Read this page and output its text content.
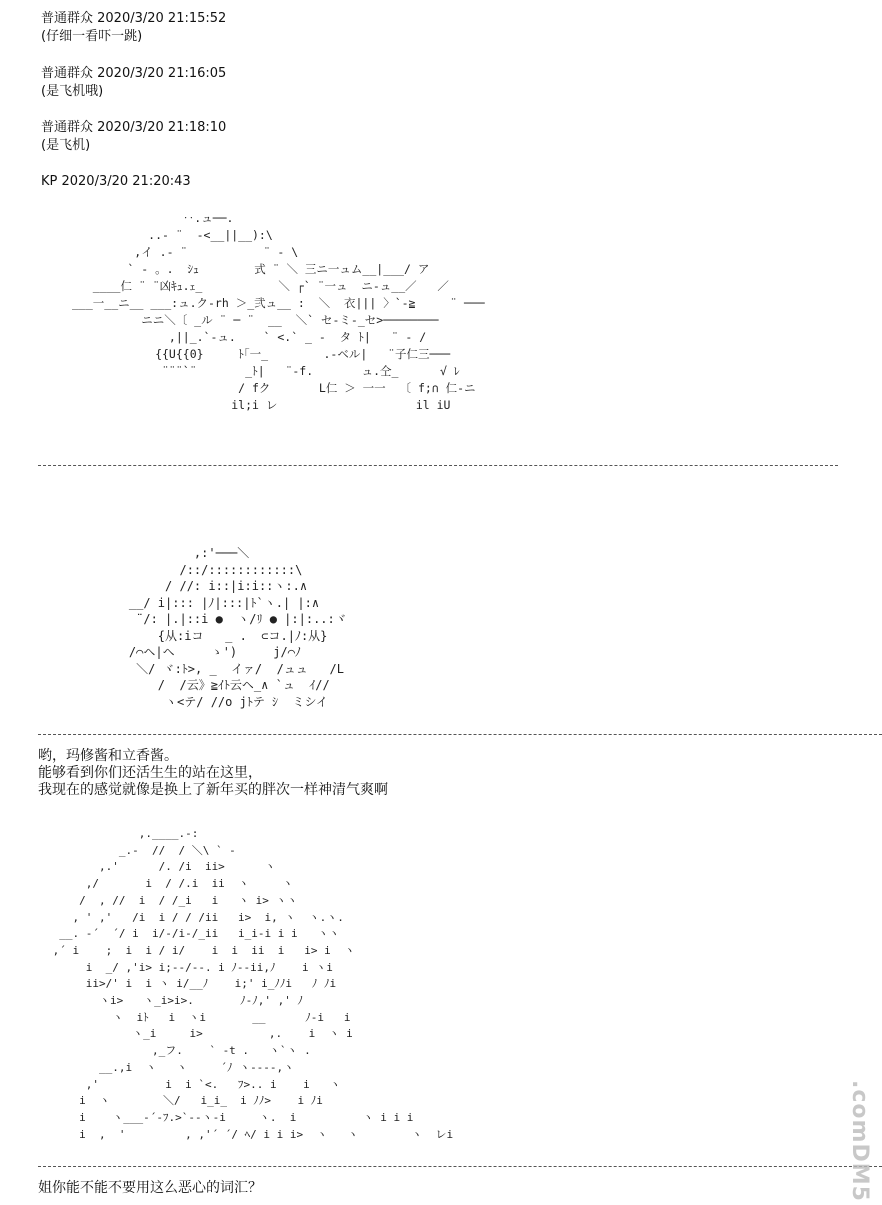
普通群众 2020/3/20 21:15:52
(仔细一看吓一跳)
普通群众 2020/3/20 21:16:05
(是飞机哦)
普通群众 2020/3/20 21:18:10
(是飞机)
KP 2020/3/20 21:20:43
‥.ュ──.
..- ¨  -<__||__):\
,イ .- ¨           ¨ - \
` - 。.  ｼｭ        式 ¨ ＼ 三ニ一ュム__|___/ ア
____仁 ¨ ¨凶ｷｭ.ｪ_           ＼ ┌` ¨一ュ  ニ-ュ__／   ／
___一__ニ__ ___:ュ.ク-rh ＞_弐ュ__ :  ＼  衣||| 〉`-≧     ¨ ───
ニニ＼〔 _ル ¨ ─ ¨  __  ＼` セ-ミ-_セ>────────
,||_.`-ュ.    ` <.` _ -  タ ﾄ|   ¨ - /
{{U{{0}     ﾄ｢一_        .-ベル|   ¨子仁三───
¨¨¨`¨       _ﾄ|   ¨-f.       ュ.仝_      √ ﾚ
/ fク       L仁 ＞ 一一  〔 f;∩ 仁-ニ
il;i レ                    il iU
,:'───＼
/::/::::::::::::\
/ //: i::|i:i::ヽ:.∧
__/ i|::: |ﾉ|:::|ﾄ`ヽ.| |:∧
¨/: |.|::i ●  ヽ/ﾘ ● |:|:..:ヾ
{从:iコ   _ .  ⊂コ.|ﾉ:从}
/⌒ヘ|ヘ     ゝ')     j/⌒ﾉ
＼/ ヾ:ﾄ>, _  イァ/  /ュュ   /L
/  /云》≧ｲﾄ云ヘ_∧ `ュ  ｲ//
ヽ<テ/ //o jﾄテ ｼ  ミシイ
哟，玛修酱和立香酱。
能够看到你们还活生生的站在这里，
我现在的感觉就像是换上了新年买的胖次一样神清气爽啊
,.____.-:
_.-  //  / ＼\ ` -
,.'      /. /i  ii>      ヽ
,/       i  / /.i  ii  ヽ     ヽ
/  , //  i  / /_i   i   ヽ i> ヽヽ
, ' ,'   /i  i / / /ii   i>  i, ヽ  ヽ.ヽ.
__. -´  ´/ i  i/-/i-/_ii   i_i-i i i   ヽヽ
,´ i    ;  i  i / i/    i  i  ii  i   i> i  ヽ
i  _/ ,'i> i;--/--. i ﾉ--ii,ﾉ    i ヽi
ii>/' i  i ヽ i/__ﾉ    i;' i_ﾉﾉi   ﾉ ﾉi
ヽi>   ヽ_i>i>.       ﾉ-ﾉ,' ,' ﾉ
ヽ  iﾄ   i  ヽi       __      ﾉ-i   i
ヽ_i     i>          ,.    i  ヽ i
,_フ.    ` -t .   ヽ`ヽ .
__.,i  ヽ   ヽ     ´ﾉ ヽ----,ヽ
,'          i  i `<.   ﾌ>.. i    i   ヽ
i  ヽ        ＼/   i_i_  i ﾉﾉ>    i ﾉi
i    ヽ___-´-ﾌ.>`--ヽ-i     ヽ.  i          ヽ i i i
i  ,  '         , ,'´ ´/ ﾍ/ i i i>  ヽ   ヽ        ヽ  レi
姐你能不能不要用这么恶心的词汇？
.comDM5
